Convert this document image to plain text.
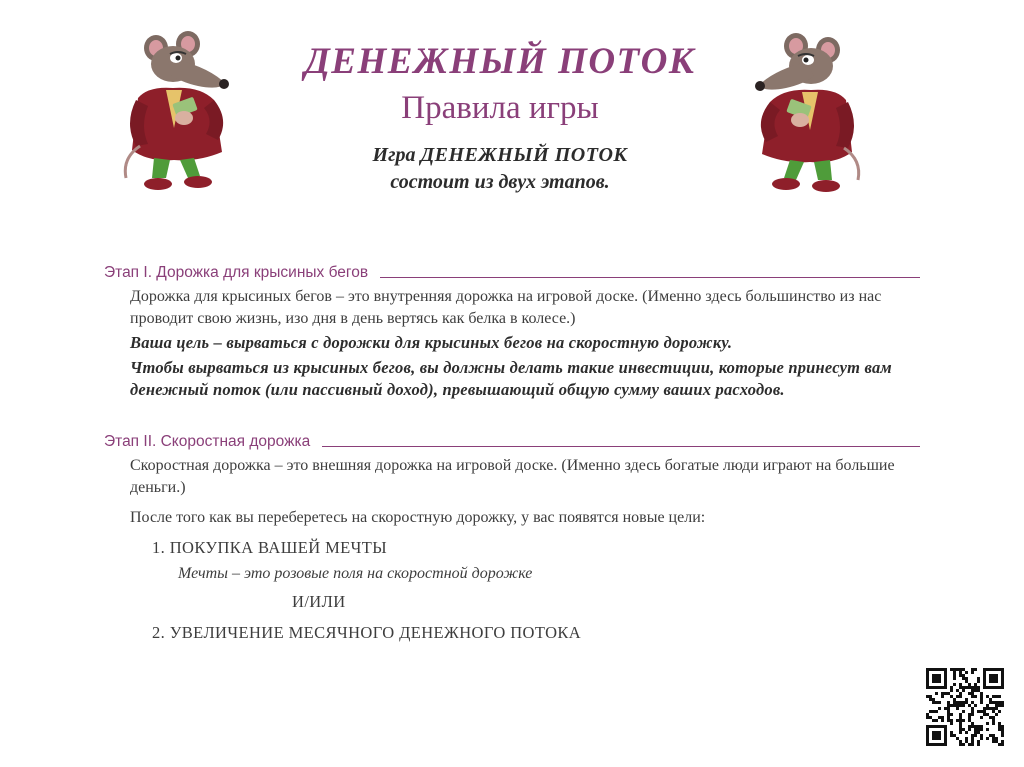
ДЕНЕЖНЫЙ ПОТОК
Правила игры
Игра ДЕНЕЖНЫЙ ПОТОК
состоит из двух этапов.
Этап I. Дорожка для крысиных бегов
Дорожка для крысиных бегов – это внутренняя дорожка на игровой доске. (Именно здесь большинство из нас проводит свою жизнь, изо дня в день вертясь как белка в колесе.)
Ваша цель – вырваться с дорожки для крысиных бегов на скоростную дорожку.
Чтобы вырваться из крысиных бегов, вы должны делать такие инвестиции, которые принесут вам денежный поток (или пассивный доход), превышающий общую сумму ваших расходов.
Этап II. Скоростная дорожка
Скоростная дорожка – это внешняя дорожка на игровой доске. (Именно здесь богатые люди играют на большие деньги.)
После того как вы переберетесь на скоростную дорожку, у вас появятся новые цели:
1. ПОКУПКА ВАШЕЙ МЕЧТЫ
Мечты – это розовые поля на скоростной дорожке
И/ИЛИ
2. УВЕЛИЧЕНИЕ МЕСЯЧНОГО ДЕНЕЖНОГО ПОТОКА
